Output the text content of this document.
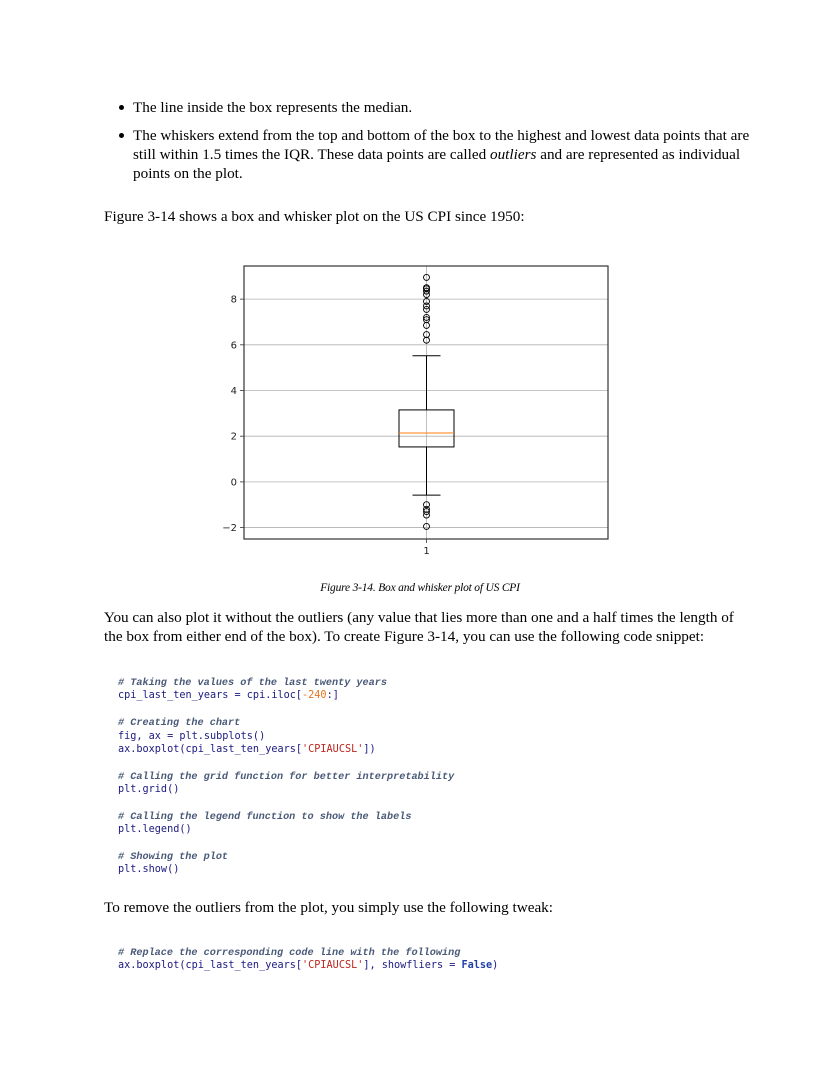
The line inside the box represents the median.
The whiskers extend from the top and bottom of the box to the highest and lowest data points that are still within 1.5 times the IQR. These data points are called outliers and are represented as individual points on the plot.
Figure 3-14 shows a box and whisker plot on the US CPI since 1950:
−2
0
2
4
6
8
1
Figure 3-14. Box and whisker plot of US CPI
You can also plot it without the outliers (any value that lies more than one and a half times the length of the box from either end of the box). To create Figure 3-14, you can use the following code snippet:
# Taking the values of the last twenty years
cpi_last_ten_years = cpi.iloc[-240:]
# Creating the chart
fig, ax = plt.subplots()
ax.boxplot(cpi_last_ten_years['CPIAUCSL'])
# Calling the grid function for better interpretability
plt.grid()
# Calling the legend function to show the labels
plt.legend()
# Showing the plot
plt.show()
To remove the outliers from the plot, you simply use the following tweak:
# Replace the corresponding code line with the following
ax.boxplot(cpi_last_ten_years['CPIAUCSL'], showfliers = False)
